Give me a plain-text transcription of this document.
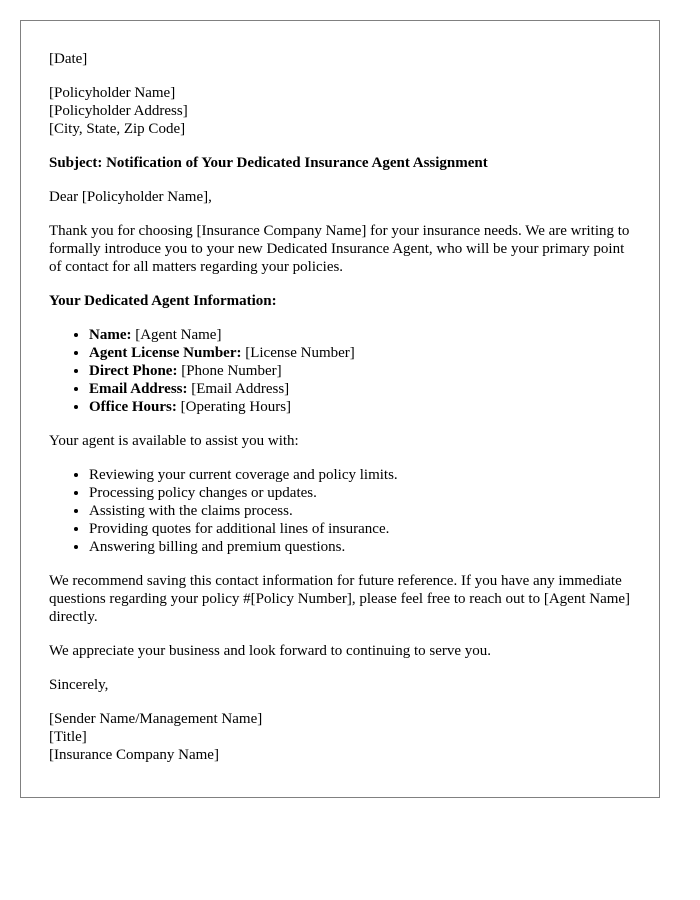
[Date]
[Policyholder Name]
[Policyholder Address]
[City, State, Zip Code]

Subject: Notification of Your Dedicated Insurance Agent Assignment

Dear [Policyholder Name],

Thank you for choosing [Insurance Company Name] for your insurance needs. We are writing to formally introduce you to your new Dedicated Insurance Agent, who will be your primary point of contact for all matters regarding your policies.

Your Dedicated Agent Information:

• Name: [Agent Name]
• Agent License Number: [License Number]
• Direct Phone: [Phone Number]
• Email Address: [Email Address]
• Office Hours: [Operating Hours]

Your agent is available to assist you with:

• Reviewing your current coverage and policy limits.
• Processing policy changes or updates.
• Assisting with the claims process.
• Providing quotes for additional lines of insurance.
• Answering billing and premium questions.

We recommend saving this contact information for future reference. If you have any immediate questions regarding your policy #[Policy Number], please feel free to reach out to [Agent Name] directly.

We appreciate your business and look forward to continuing to serve you.

Sincerely,

[Sender Name/Management Name]
[Title]
[Insurance Company Name]
